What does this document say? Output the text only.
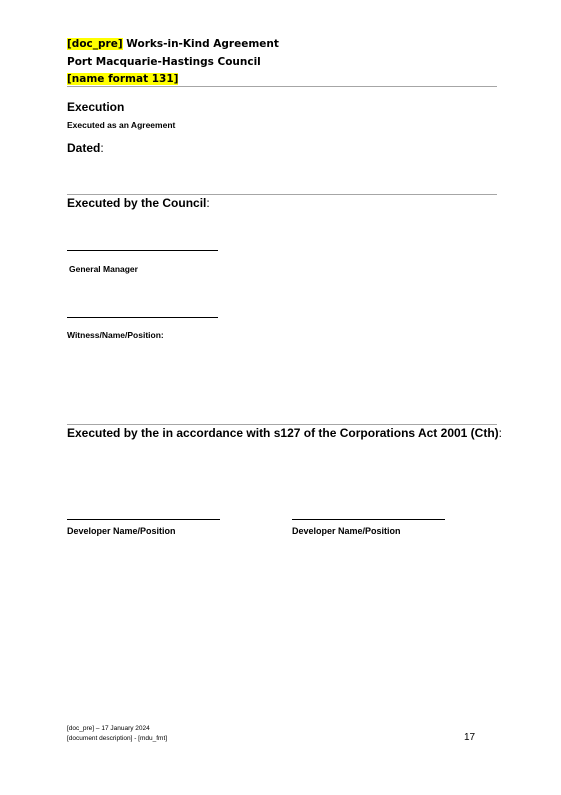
[doc_pre] Works-in-Kind Agreement
Port Macquarie-Hastings Council
[name format 131]
Execution
Executed as an Agreement
Dated:
Executed by the Council:
General Manager
Witness/Name/Position:
Executed by the in accordance with s127 of the Corporations Act 2001 (Cth):
Developer Name/Position	Developer Name/Position
[doc_pre] – 17 January 2024
[document description] - [mdu_fmt]	17
